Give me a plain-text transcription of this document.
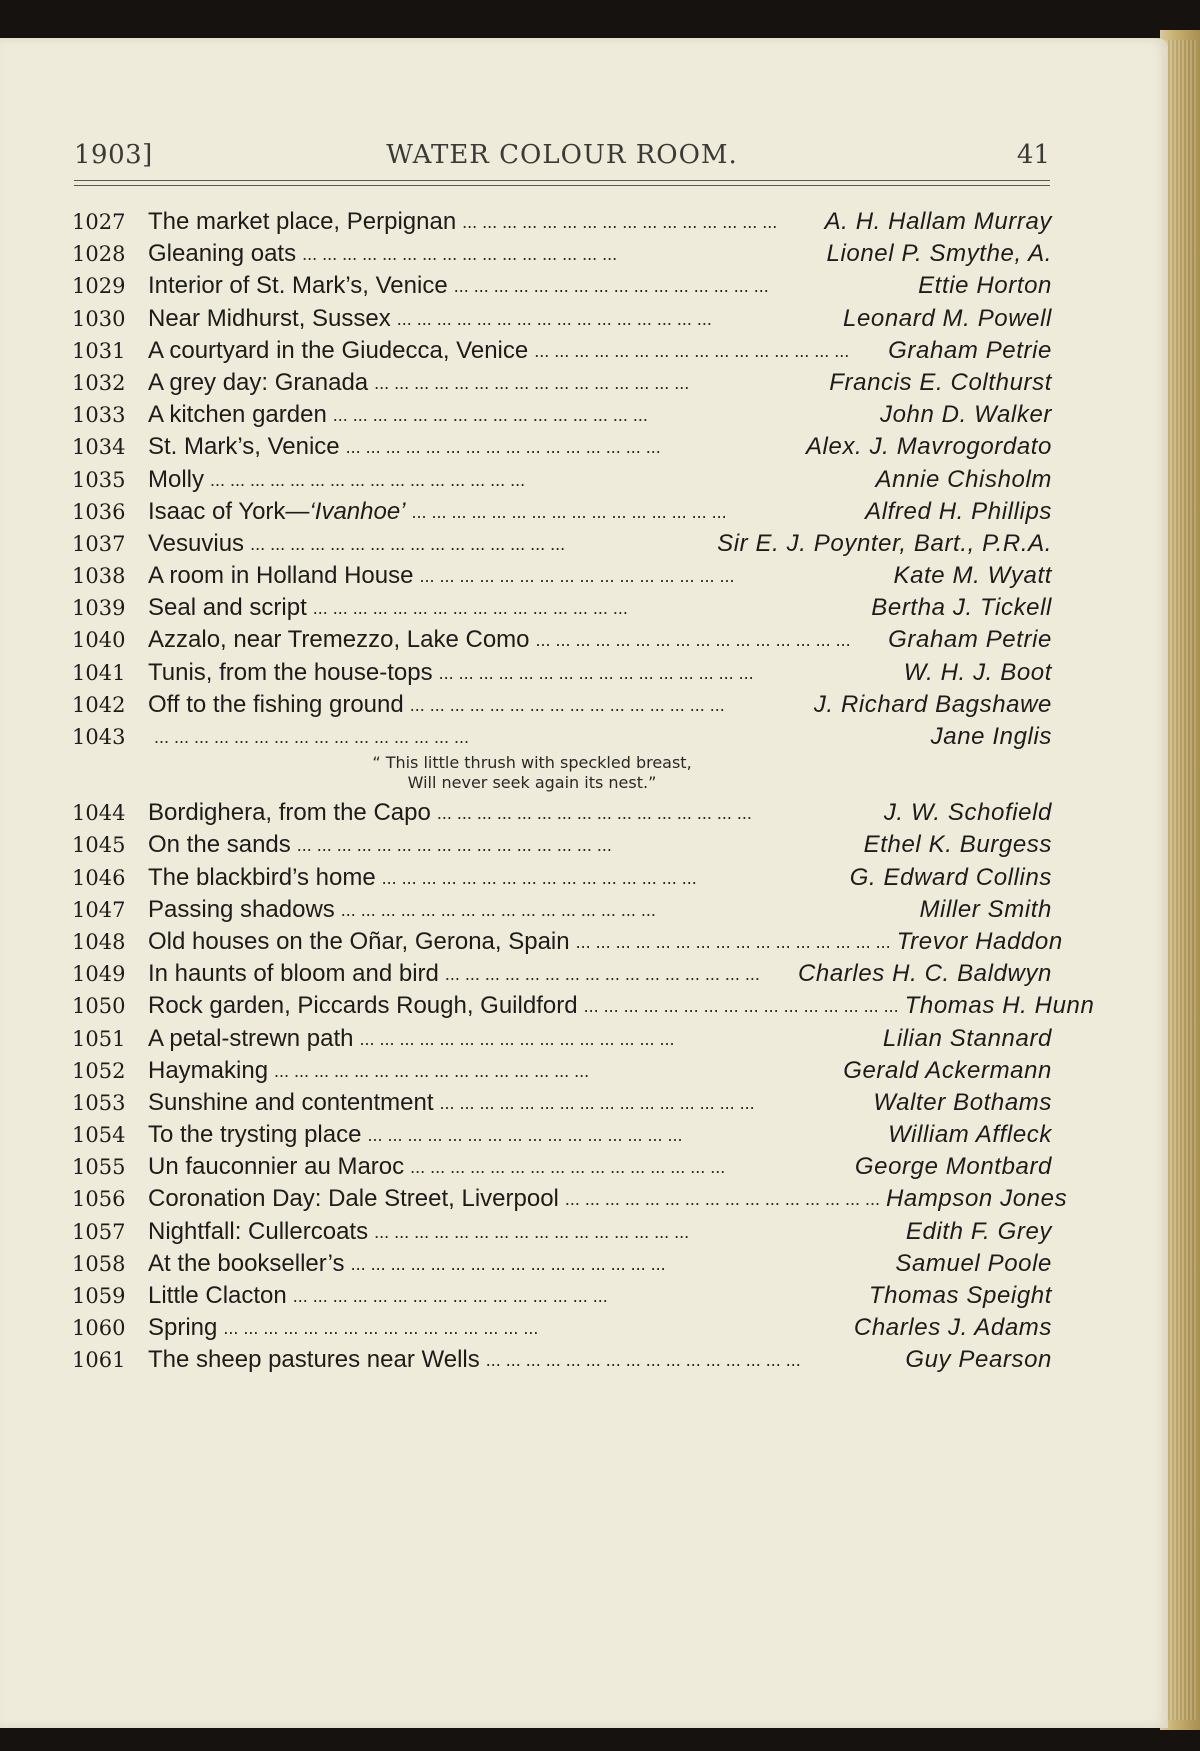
1903]	WATER COLOUR ROOM.	41
1027 The market place, Perpignan ... ... ... ... ... ... ... ... ... ... ... ... ... ... ... ...	A. H. Hallam Murray
1028 Gleaning oats ... ... ... ... ... ... ... ... ... ... ... ... ... ... ... ...	Lionel P. Smythe, A.
1029 Interior of St. Mark’s, Venice ... ... ... ... ... ... ... ... ... ... ... ... ... ... ... ...	Ettie Horton
1030 Near Midhurst, Sussex ... ... ... ... ... ... ... ... ... ... ... ... ... ... ... ...	Leonard M. Powell
1031 A courtyard in the Giudecca, Venice ... ... ... ... ... ... ... ... ... ... ... ... ... ... ... ...	Graham Petrie
1032 A grey day: Granada ... ... ... ... ... ... ... ... ... ... ... ... ... ... ... ...	Francis E. Colthurst
1033 A kitchen garden ... ... ... ... ... ... ... ... ... ... ... ... ... ... ... ...	John D. Walker
1034 St. Mark’s, Venice ... ... ... ... ... ... ... ... ... ... ... ... ... ... ... ...	Alex. J. Mavrogordato
1035 Molly ... ... ... ... ... ... ... ... ... ... ... ... ... ... ... ...	Annie Chisholm
1036 Isaac of York—‘Ivanhoe’ ... ... ... ... ... ... ... ... ... ... ... ... ... ... ... ...	Alfred H. Phillips
1037 Vesuvius ... ... ... ... ... ... ... ... ... ... ... ... ... ... ... ...	Sir E. J. Poynter, Bart., P.R.A.
1038 A room in Holland House ... ... ... ... ... ... ... ... ... ... ... ... ... ... ... ...	Kate M. Wyatt
1039 Seal and script ... ... ... ... ... ... ... ... ... ... ... ... ... ... ... ...	Bertha J. Tickell
1040 Azzalo, near Tremezzo, Lake Como ... ... ... ... ... ... ... ... ... ... ... ... ... ... ... ...	Graham Petrie
1041 Tunis, from the house-tops ... ... ... ... ... ... ... ... ... ... ... ... ... ... ... ...	W. H. J. Boot
1042 Off to the fishing ground ... ... ... ... ... ... ... ... ... ... ... ... ... ... ... ...	J. Richard Bagshawe
1043	... ... ... ... ... ... ... ... ... ... ... ... ... ... ... ...	Jane Inglis
“ This little thrush with speckled breast,
Will never seek again its nest.”
1044 Bordighera, from the Capo ... ... ... ... ... ... ... ... ... ... ... ... ... ... ... ...	J. W. Schofield
1045 On the sands ... ... ... ... ... ... ... ... ... ... ... ... ... ... ... ...	Ethel K. Burgess
1046 The blackbird’s home ... ... ... ... ... ... ... ... ... ... ... ... ... ... ... ...	G. Edward Collins
1047 Passing shadows ... ... ... ... ... ... ... ... ... ... ... ... ... ... ... ...	Miller Smith
1048 Old houses on the Oñar, Gerona, Spain ... ... ... ... ... ... ... ... ... ... ... ... ... ... ... ... Trevor Haddon
1049 In haunts of bloom and bird ... ... ... ... ... ... ... ... ... ... ... ... ... ... ... ...	Charles H. C. Baldwyn
1050 Rock garden, Piccards Rough, Guildford ... ... ... ... ... ... ... ... ... ... ... ... ... ... ... ... Thomas H. Hunn
1051 A petal-strewn path ... ... ... ... ... ... ... ... ... ... ... ... ... ... ... ...	Lilian Stannard
1052 Haymaking ... ... ... ... ... ... ... ... ... ... ... ... ... ... ... ...	Gerald Ackermann
1053 Sunshine and contentment ... ... ... ... ... ... ... ... ... ... ... ... ... ... ... ...	Walter Bothams
1054 To the trysting place ... ... ... ... ... ... ... ... ... ... ... ... ... ... ... ...	William Affleck
1055 Un fauconnier au Maroc ... ... ... ... ... ... ... ... ... ... ... ... ... ... ... ...	George Montbard
1056 Coronation Day: Dale Street, Liverpool ... ... ... ... ... ... ... ... ... ... ... ... ... ... ... ... Hampson Jones
1057 Nightfall: Cullercoats ... ... ... ... ... ... ... ... ... ... ... ... ... ... ... ...	Edith F. Grey
1058 At the bookseller’s ... ... ... ... ... ... ... ... ... ... ... ... ... ... ... ...	Samuel Poole
1059 Little Clacton ... ... ... ... ... ... ... ... ... ... ... ... ... ... ... ...	Thomas Speight
1060 Spring ... ... ... ... ... ... ... ... ... ... ... ... ... ... ... ...	Charles J. Adams
1061 The sheep pastures near Wells ... ... ... ... ... ... ... ... ... ... ... ... ... ... ... ...	Guy Pearson
